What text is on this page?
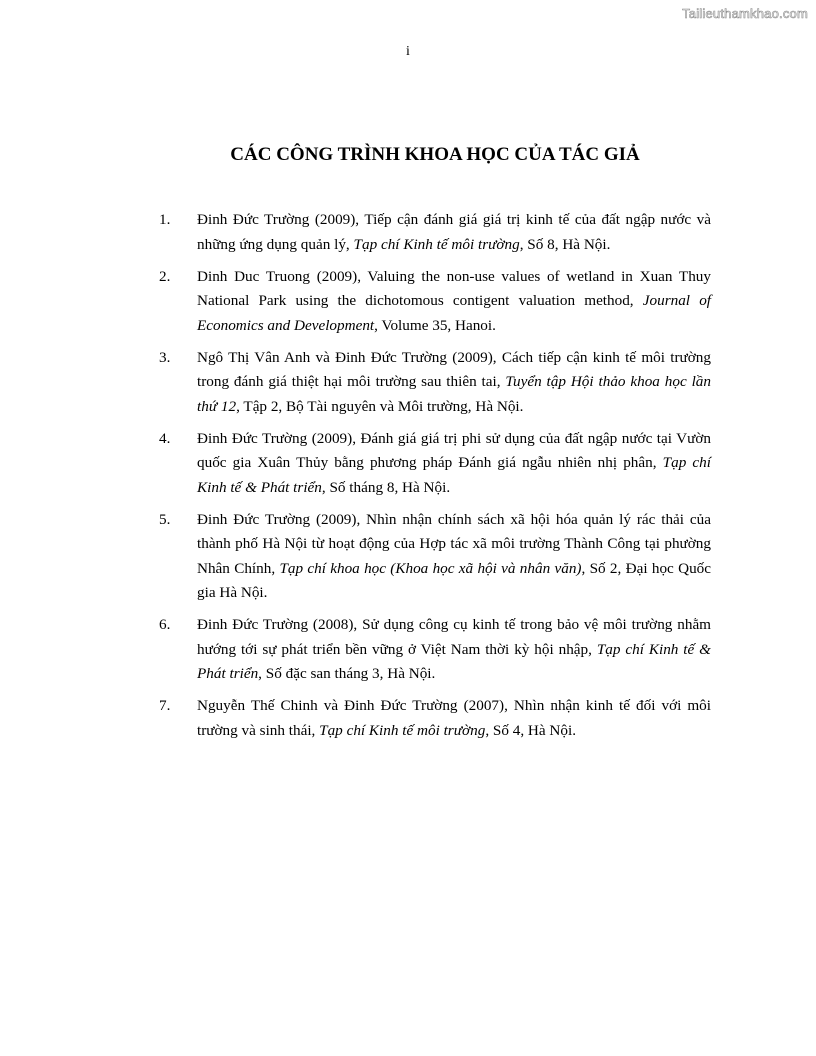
Tailieuthamkhao.com
i
CÁC CÔNG TRÌNH KHOA HỌC CỦA TÁC GIẢ
1.	Đinh Đức Trường (2009), Tiếp cận đánh giá giá trị kinh tế của đất ngập nước và những ứng dụng quản lý, Tạp chí Kinh tế môi trường, Số 8, Hà Nội.
2.	Dinh Duc Truong (2009), Valuing the non-use values of wetland in Xuan Thuy National Park using the dichotomous contigent valuation method, Journal of Economics and Development, Volume 35, Hanoi.
3.	Ngô Thị Vân Anh và Đinh Đức Trường (2009), Cách tiếp cận kinh tế môi trường trong đánh giá thiệt hại môi trường sau thiên tai, Tuyển tập Hội thảo khoa học lần thứ 12, Tập 2, Bộ Tài nguyên và Môi trường, Hà Nội.
4.	Đinh Đức Trường (2009), Đánh giá giá trị phi sử dụng của đất ngập nước tại Vườn quốc gia Xuân Thủy bằng phương pháp Đánh giá ngẫu nhiên nhị phân, Tạp chí Kinh tế & Phát triển, Số tháng 8, Hà Nội.
5.	Đinh Đức Trường (2009), Nhìn nhận chính sách xã hội hóa quản lý rác thải của thành phố Hà Nội từ hoạt động của Hợp tác xã môi trường Thành Công tại phường Nhân Chính, Tạp chí khoa học (Khoa học xã hội và nhân văn), Số 2, Đại học Quốc gia Hà Nội.
6.	Đinh Đức Trường (2008), Sử dụng công cụ kinh tế trong bảo vệ môi trường nhằm hướng tới sự phát triển bền vững ở Việt Nam thời kỳ hội nhập, Tạp chí Kinh tế & Phát triển, Số đặc san tháng 3, Hà Nội.
7.	Nguyễn Thế Chinh và Đinh Đức Trường (2007), Nhìn nhận kinh tế đối với môi trường và sinh thái, Tạp chí Kinh tế môi trường, Số 4, Hà Nội.
